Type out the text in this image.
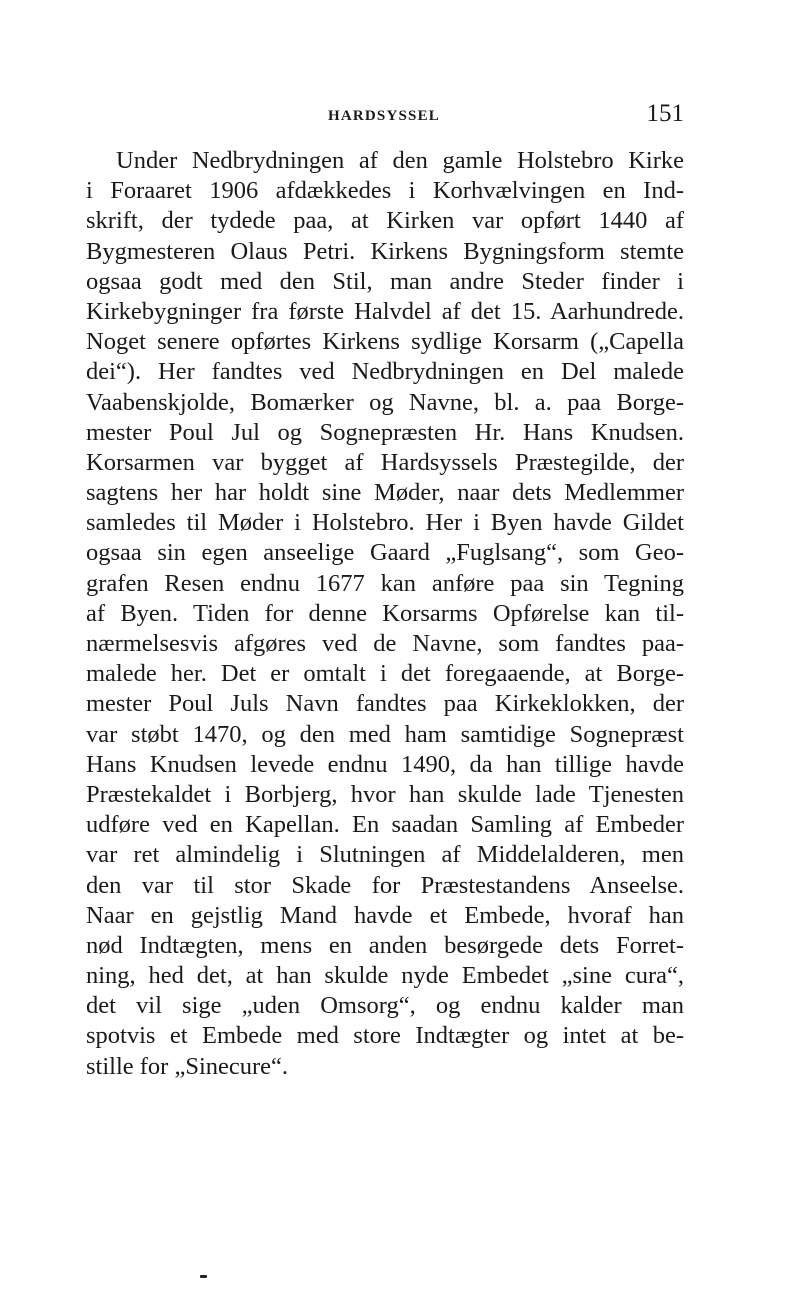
HARDSYSSEL	151
Under Nedbrydningen af den gamle Holstebro Kirke
i Foraaret 1906 afdækkedes i Korhvælvingen en Ind-
skrift, der tydede paa, at Kirken var opført 1440 af
Bygmesteren Olaus Petri. Kirkens Bygningsform stemte
ogsaa godt med den Stil, man andre Steder finder i
Kirkebygninger fra første Halvdel af det 15. Aarhundrede.
Noget senere opførtes Kirkens sydlige Korsarm („Capella
dei“). Her fandtes ved Nedbrydningen en Del malede
Vaabenskjolde, Bomærker og Navne, bl. a. paa Borge-
mester Poul Jul og Sognepræsten Hr. Hans Knudsen.
Korsarmen var bygget af Hardsyssels Præstegilde, der
sagtens her har holdt sine Møder, naar dets Medlemmer
samledes til Møder i Holstebro. Her i Byen havde Gildet
ogsaa sin egen anseelige Gaard „Fuglsang“, som Geo-
grafen Resen endnu 1677 kan anføre paa sin Tegning
af Byen. Tiden for denne Korsarms Opførelse kan til-
nærmelsesvis afgøres ved de Navne, som fandtes paa-
malede her. Det er omtalt i det foregaaende, at Borge-
mester Poul Juls Navn fandtes paa Kirkeklokken, der
var støbt 1470, og den med ham samtidige Sognepræst
Hans Knudsen levede endnu 1490, da han tillige havde
Præstekaldet i Borbjerg, hvor han skulde lade Tjenesten
udføre ved en Kapellan. En saadan Samling af Embeder
var ret almindelig i Slutningen af Middelalderen, men
den var til stor Skade for Præstestandens Anseelse.
Naar en gejstlig Mand havde et Embede, hvoraf han
nød Indtægten, mens en anden besørgede dets Forret-
ning, hed det, at han skulde nyde Embedet „sine cura“,
det vil sige „uden Omsorg“, og endnu kalder man
spotvis et Embede med store Indtægter og intet at be-
stille for „Sinecure“.
